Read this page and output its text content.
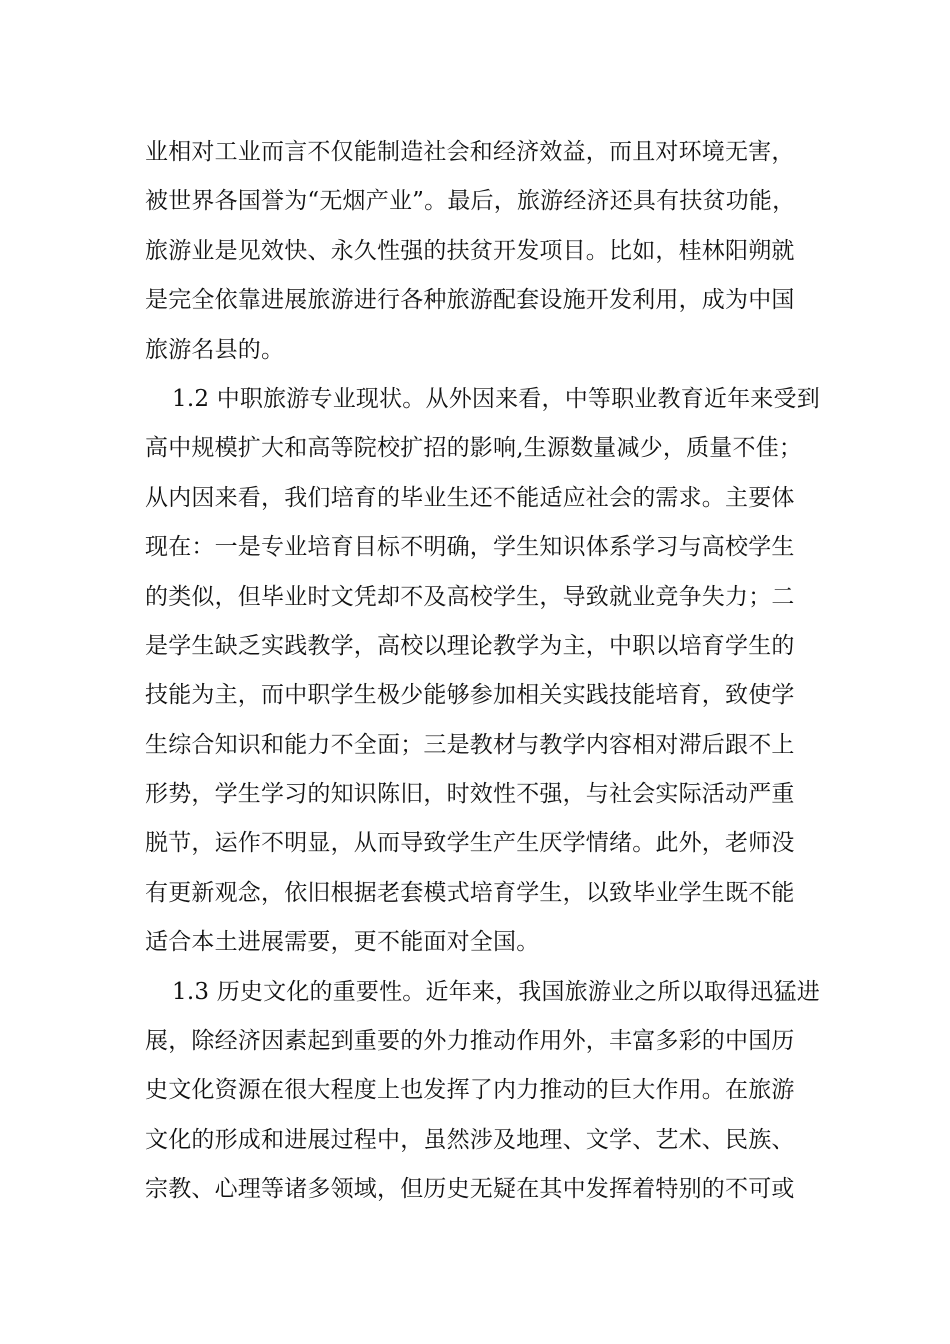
业相对工业而言不仅能制造社会和经济效益，而且对环境无害，
被世界各国誉为“无烟产业”。最后，旅游经济还具有扶贫功能，
旅游业是见效快、永久性强的扶贫开发项目。比如，桂林阳朔就
是完全依靠进展旅游进行各种旅游配套设施开发利用，成为中国
旅游名县的。
1.2 中职旅游专业现状。从外因来看，中等职业教育近年来受到
高中规模扩大和高等院校扩招的影响,生源数量减少，质量不佳；
从内因来看，我们培育的毕业生还不能适应社会的需求。主要体
现在：一是专业培育目标不明确，学生知识体系学习与高校学生
的类似，但毕业时文凭却不及高校学生，导致就业竞争失力；二
是学生缺乏实践教学，高校以理论教学为主，中职以培育学生的
技能为主，而中职学生极少能够参加相关实践技能培育，致使学
生综合知识和能力不全面；三是教材与教学内容相对滞后跟不上
形势，学生学习的知识陈旧，时效性不强，与社会实际活动严重
脱节，运作不明显，从而导致学生产生厌学情绪。此外，老师没
有更新观念，依旧根据老套模式培育学生，以致毕业学生既不能
适合本土进展需要，更不能面对全国。
1.3 历史文化的重要性。近年来，我国旅游业之所以取得迅猛进
展，除经济因素起到重要的外力推动作用外，丰富多彩的中国历
史文化资源在很大程度上也发挥了内力推动的巨大作用。在旅游
文化的形成和进展过程中，虽然涉及地理、文学、艺术、民族、
宗教、心理等诸多领域，但历史无疑在其中发挥着特别的不可或
